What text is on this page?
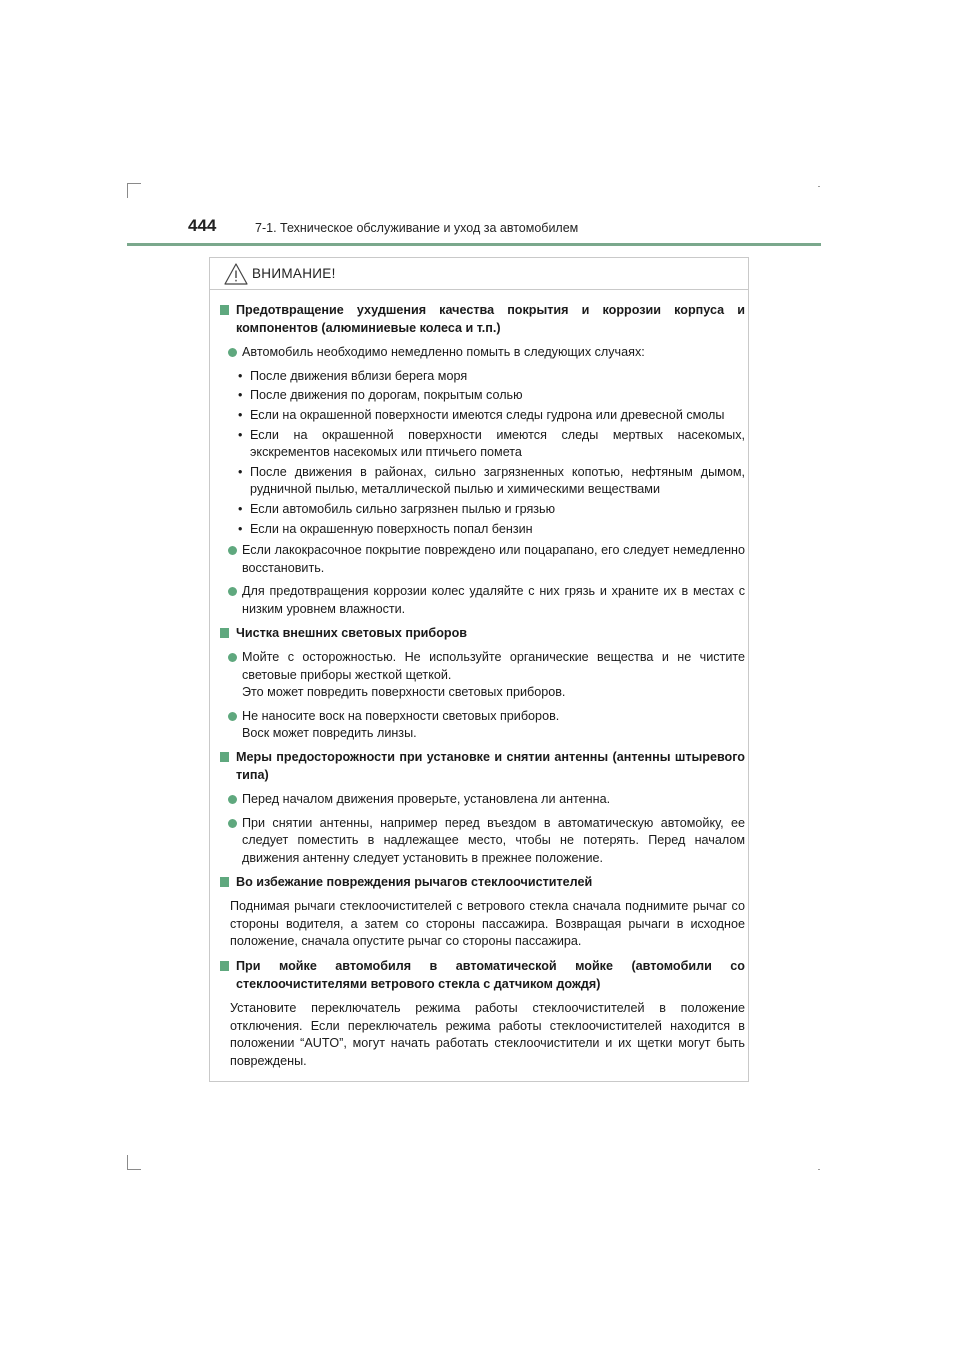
444	7-1. Техническое обслуживание и уход за автомобилем
ВНИМАНИЕ!

Предотвращение ухудшения качества покрытия и коррозии корпуса и компонентов (алюминиевые колеса и т.п.)

Автомобиль необходимо немедленно помыть в следующих случаях:

• После движения вблизи берега моря
• После движения по дорогам, покрытым солью
• Если на окрашенной поверхности имеются следы гудрона или древесной смолы
• Если на окрашенной поверхности имеются следы мертвых насекомых, экскрементов насекомых или птичьего помета
• После движения в районах, сильно загрязненных копотью, нефтяным дымом, рудничной пылью, металлической пылью и химическими веществами
• Если автомобиль сильно загрязнен пылью и грязью
• Если на окрашенную поверхность попал бензин

Если лакокрасочное покрытие повреждено или поцарапано, его следует немедленно восстановить.

Для предотвращения коррозии колес удаляйте с них грязь и храните их в местах с низким уровнем влажности.

Чистка внешних световых приборов

Мойте с осторожностью. Не используйте органические вещества и не чистите световые приборы жесткой щеткой.
Это может повредить поверхности световых приборов.

Не наносите воск на поверхности световых приборов.
Воск может повредить линзы.

Меры предосторожности при установке и снятии антенны (антенны штыревого типа)

Перед началом движения проверьте, установлена ли антенна.

При снятии антенны, например перед въездом в автоматическую автомойку, ее следует поместить в надлежащее место, чтобы не потерять. Перед началом движения антенну следует установить в прежнее положение.

Во избежание повреждения рычагов стеклоочистителей

Поднимая рычаги стеклоочистителей с ветрового стекла сначала поднимите рычаг со стороны водителя, а затем со стороны пассажира. Возвращая рычаги в исходное положение, сначала опустите рычаг со стороны пассажира.

При мойке автомобиля в автоматической мойке (автомобили со стеклоочистителями ветрового стекла с датчиком дождя)

Установите переключатель режима работы стеклоочистителей в положение отключения. Если переключатель режима работы стеклоочистителей находится в положении “AUTO”, могут начать работать стеклоочистители и их щетки могут быть повреждены.
